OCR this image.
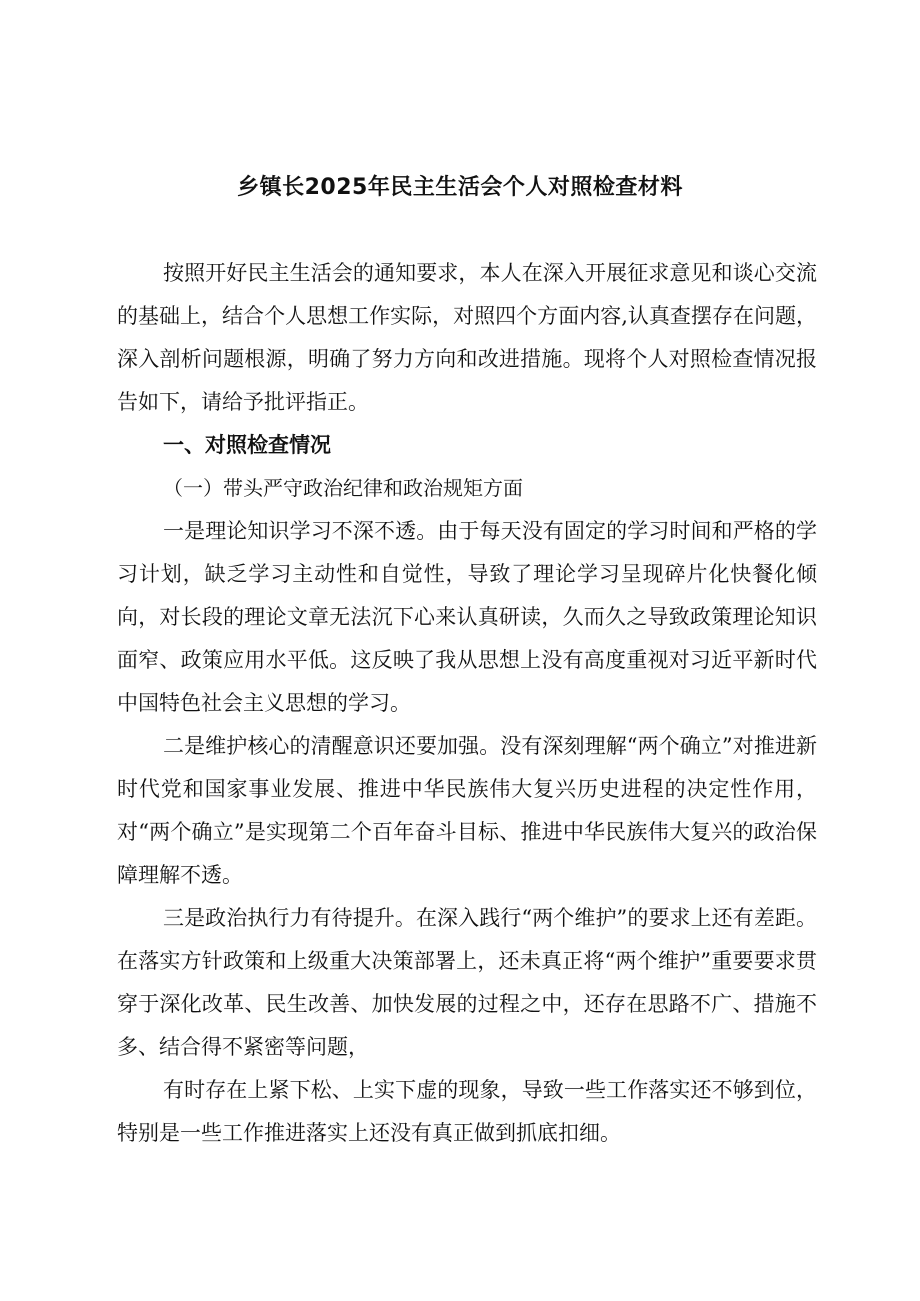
乡镇长2025年民主生活会个人对照检查材料

按照开好民主生活会的通知要求，本人在深入开展征求意见和谈心交流的基础上，结合个人思想工作实际，对照四个方面内容,认真查摆存在问题，深入剖析问题根源，明确了努力方向和改进措施。现将个人对照检查情况报告如下，请给予批评指正。

一、对照检查情况

（一）带头严守政治纪律和政治规矩方面

一是理论知识学习不深不透。由于每天没有固定的学习时间和严格的学习计划，缺乏学习主动性和自觉性，导致了理论学习呈现碎片化快餐化倾向，对长段的理论文章无法沉下心来认真研读，久而久之导致政策理论知识面窄、政策应用水平低。这反映了我从思想上没有高度重视对习近平新时代中国特色社会主义思想的学习。

二是维护核心的清醒意识还要加强。没有深刻理解“两个确立”对推进新时代党和国家事业发展、推进中华民族伟大复兴历史进程的决定性作用，对“两个确立”是实现第二个百年奋斗目标、推进中华民族伟大复兴的政治保障理解不透。

三是政治执行力有待提升。在深入践行“两个维护”的要求上还有差距。在落实方针政策和上级重大决策部署上，还未真正将“两个维护”重要要求贯穿于深化改革、民生改善、加快发展的过程之中，还存在思路不广、措施不多、结合得不紧密等问题，

有时存在上紧下松、上实下虚的现象，导致一些工作落实还不够到位，特别是一些工作推进落实上还没有真正做到抓底扣细。
